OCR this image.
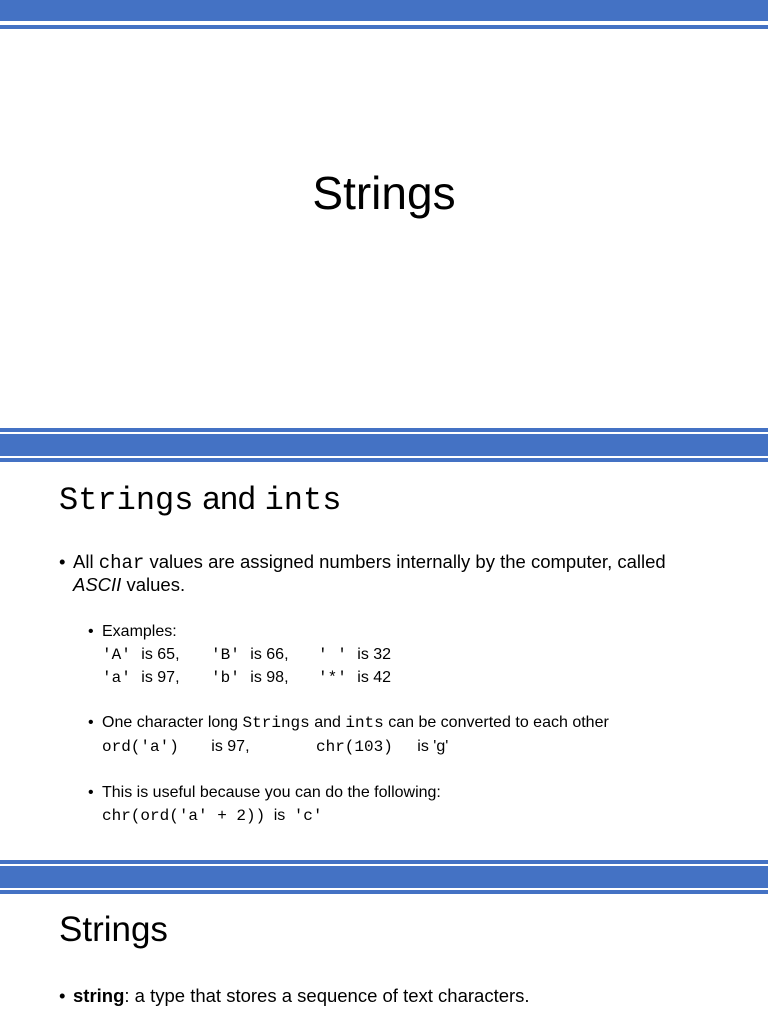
Strings
Strings and ints
• All char values are assigned numbers internally by the computer, called
ASCII values.
• Examples:
'A' is 65, 'B' is 66, ' ' is 32
'a' is 97, 'b' is 98, '*' is 42
• One character long Strings and ints can be converted to each other
ord('a') is 97,	chr(103) is 'g'
• This is useful because you can do the following:
chr(ord('a' + 2)) is 'c'
Strings
• string: a type that stores a sequence of text characters.
